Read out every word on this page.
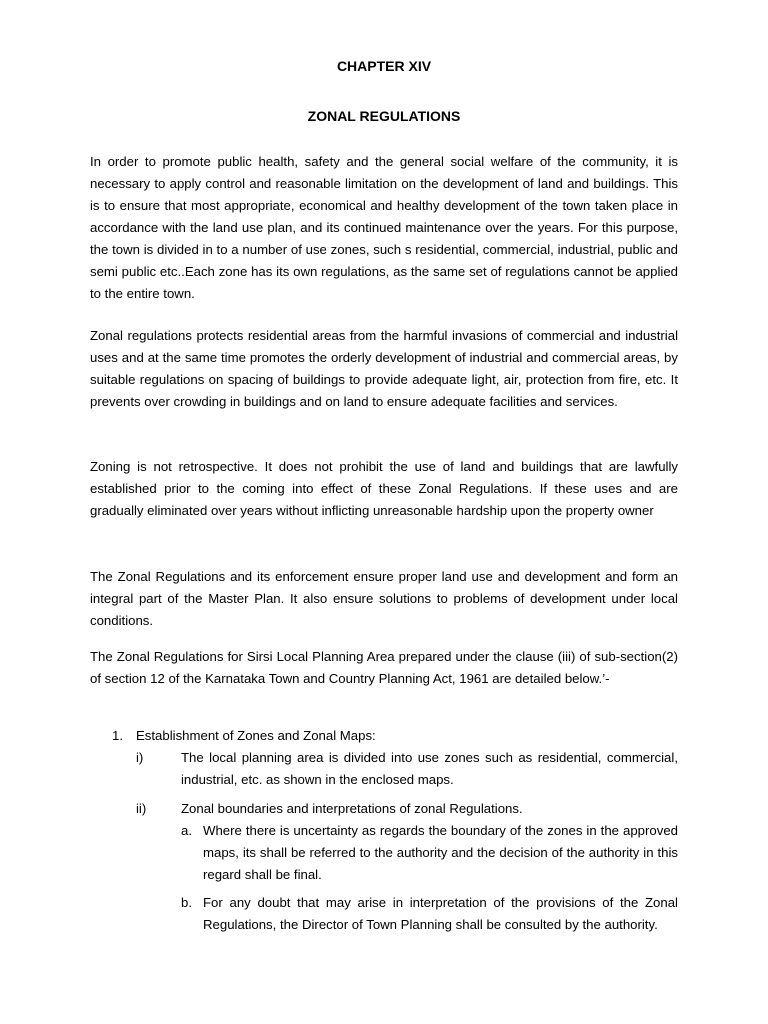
CHAPTER XIV
ZONAL REGULATIONS

In order to promote public health, safety and the general social welfare of the community, it is necessary to apply control and reasonable limitation on the development of land and buildings. This is to ensure that most appropriate, economical and healthy development of the town taken place in accordance with the land use plan, and its continued maintenance over the years. For this purpose, the town is divided in to a number of use zones, such s residential, commercial, industrial, public and semi public etc..Each zone has its own regulations, as the same set of regulations cannot be applied to the entire town.

Zonal regulations protects residential areas from the harmful invasions of commercial and industrial uses and at the same time promotes the orderly development of industrial and commercial areas, by suitable regulations on spacing of buildings to provide adequate light, air, protection from fire, etc. It prevents over crowding in buildings and on land to ensure adequate facilities and services.

Zoning is not retrospective. It does not prohibit the use of land and buildings that are lawfully established prior to the coming into effect of these Zonal Regulations. If these uses and are gradually eliminated over years without inflicting unreasonable hardship upon the property owner

The Zonal Regulations and its enforcement ensure proper land use and development and form an integral part of the Master Plan. It also ensure solutions to problems of development under local conditions.

The Zonal Regulations for Sirsi Local Planning Area prepared under the clause (iii) of sub-section(2) of section 12 of the Karnataka Town and Country Planning Act, 1961 are detailed below.’-

1. Establishment of Zones and Zonal Maps:

i)	The local planning area is divided into use zones such as residential, commercial, industrial, etc. as shown in the enclosed maps.

ii)	Zonal boundaries and interpretations of zonal Regulations.

a. Where there is uncertainty as regards the boundary of the zones in the approved maps, its shall be referred to the authority and the decision of the authority in this regard shall be final.

b. For any doubt that may arise in interpretation of the provisions of the Zonal Regulations, the Director of Town Planning shall be consulted by the authority.
